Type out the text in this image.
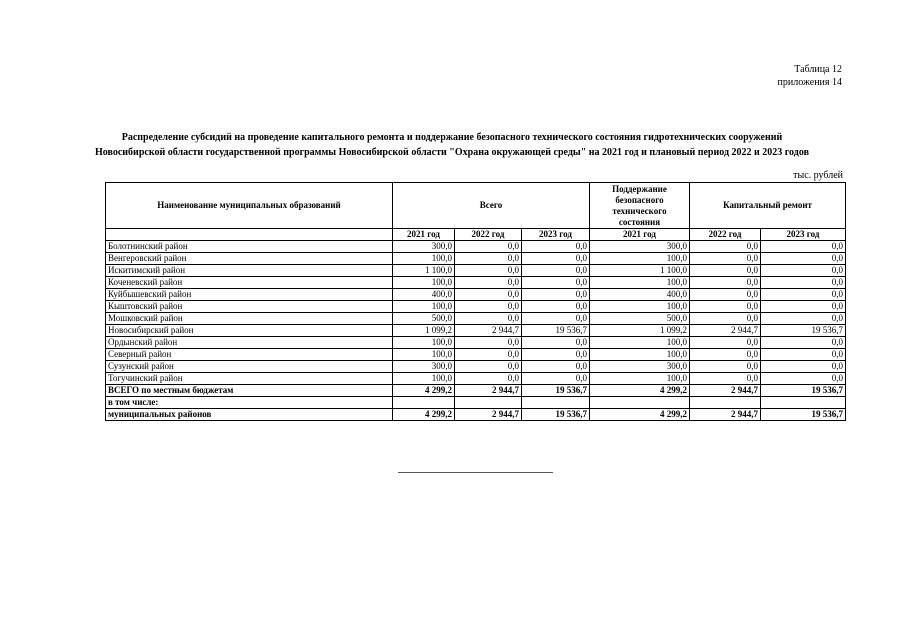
Таблица 12
приложения 14
Распределение субсидий на проведение капитального ремонта и поддержание безопасного технического состояния гидротехнических сооружений
Новосибирской области государственной программы Новосибирской области "Охрана окружающей среды" на 2021 год и плановый период 2022 и 2023 годов
тыс. рублей
Наименование муниципальных образований	Всего			Поддержание безопасного технического состояния	Капитальный ремонт	
	2021 год	2022 год	2023 год	2021 год	2022 год	2023 год
Болотнинский район	300,0	0,0	0,0	300,0	0,0	0,0
Венгеровский район	100,0	0,0	0,0	100,0	0,0	0,0
Искитимский район	1 100,0	0,0	0,0	1 100,0	0,0	0,0
Коченевский район	100,0	0,0	0,0	100,0	0,0	0,0
Куйбышевский район	400,0	0,0	0,0	400,0	0,0	0,0
Кыштовский район	100,0	0,0	0,0	100,0	0,0	0,0
Мошковский район	500,0	0,0	0,0	500,0	0,0	0,0
Новосибирский район	1 099,2	2 944,7	19 536,7	1 099,2	2 944,7	19 536,7
Ордынский район	100,0	0,0	0,0	100,0	0,0	0,0
Северный район	100,0	0,0	0,0	100,0	0,0	0,0
Сузунский район	300,0	0,0	0,0	300,0	0,0	0,0
Тогучинский район	100,0	0,0	0,0	100,0	0,0	0,0
ВСЕГО по местным бюджетам	4 299,2	2 944,7	19 536,7	4 299,2	2 944,7	19 536,7
в том числе:						
муниципальных районов	4 299,2	2 944,7	19 536,7	4 299,2	2 944,7	19 536,7
